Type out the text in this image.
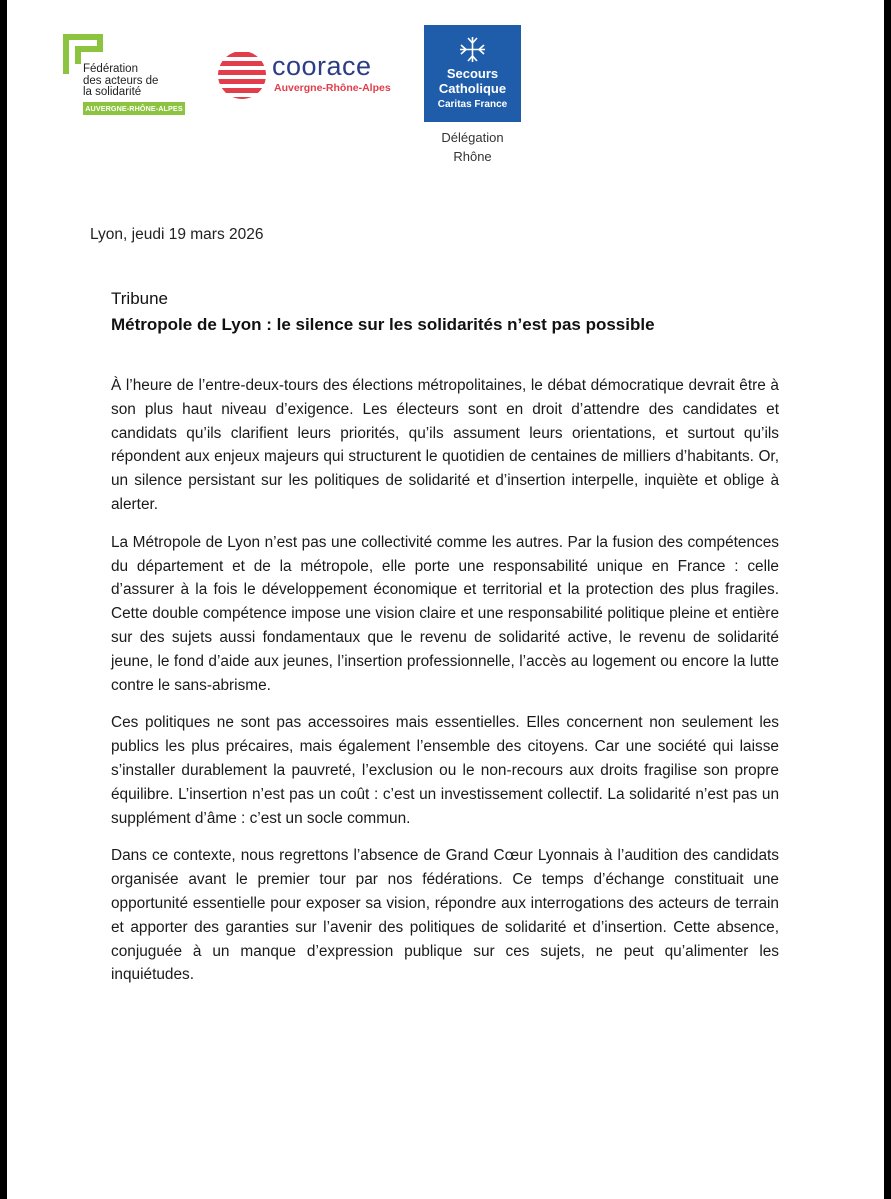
Fédération
des acteurs de
la solidarité
AUVERGNE-RHÔNE-ALPES
coorace
Auvergne-Rhône-Alpes
Secours
Catholique
Caritas France
Délégation
Rhône
Lyon, jeudi 19 mars 2026
Tribune
Métropole de Lyon : le silence sur les solidarités n’est pas possible

À l’heure de l’entre-deux-tours des élections métropolitaines, le débat démocratique devrait être à son plus haut niveau d’exigence. Les électeurs sont en droit d’attendre des candidates et candidats qu’ils clarifient leurs priorités, qu’ils assument leurs orientations, et surtout qu’ils répondent aux enjeux majeurs qui structurent le quotidien de centaines de milliers d’habitants. Or, un silence persistant sur les politiques de solidarité et d’insertion interpelle, inquiète et oblige à alerter.

La Métropole de Lyon n’est pas une collectivité comme les autres. Par la fusion des compétences du département et de la métropole, elle porte une responsabilité unique en France : celle d’assurer à la fois le développement économique et territorial et la protection des plus fragiles. Cette double compétence impose une vision claire et une responsabilité politique pleine et entière sur des sujets aussi fondamentaux que le revenu de solidarité active, le revenu de solidarité jeune, le fond d’aide aux jeunes, l’insertion professionnelle, l’accès au logement ou encore la lutte contre le sans-abrisme.

Ces politiques ne sont pas accessoires mais essentielles. Elles concernent non seulement les publics les plus précaires, mais également l’ensemble des citoyens. Car une société qui laisse s’installer durablement la pauvreté, l’exclusion ou le non-recours aux droits fragilise son propre équilibre. L’insertion n’est pas un coût : c’est un investissement collectif. La solidarité n’est pas un supplément d’âme : c’est un socle commun.

Dans ce contexte, nous regrettons l’absence de Grand Cœur Lyonnais à l’audition des candidats organisée avant le premier tour par nos fédérations. Ce temps d’échange constituait une opportunité essentielle pour exposer sa vision, répondre aux interrogations des acteurs de terrain et apporter des garanties sur l’avenir des politiques de solidarité et d’insertion. Cette absence, conjuguée à un manque d’expression publique sur ces sujets, ne peut qu’alimenter les inquiétudes.
